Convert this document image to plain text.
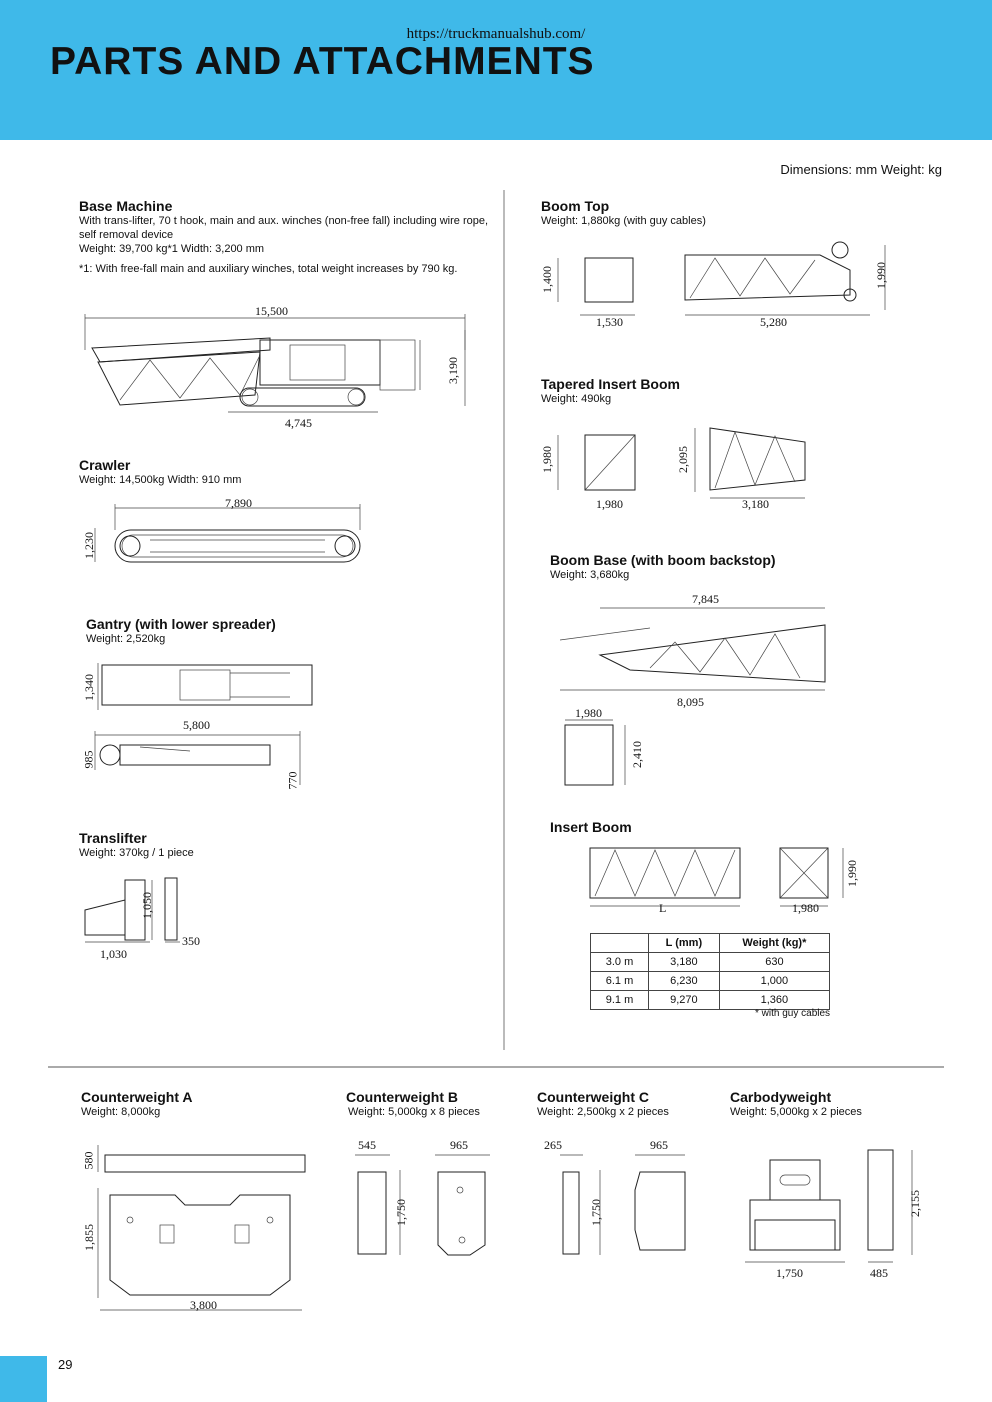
https://truckmanualshub.com/
PARTS AND ATTACHMENTS
Dimensions: mm Weight: kg
Base Machine
With trans-lifter, 70 t hook, main and aux. winches (non-free fall) including wire rope,
self removal device
Weight: 39,700 kg*1 Width: 3,200 mm
*1: With free-fall main and auxiliary winches, total weight increases by 790 kg.
15,500
3,190
4,745
Crawler
Weight: 14,500kg Width: 910 mm
7,890
1,230
Gantry (with lower spreader)
Weight: 2,520kg
1,340
5,800
985
770
Translifter
Weight: 370kg / 1 piece
1,050
1,030
350
Boom Top
Weight: 1,880kg (with guy cables)
1,400
1,530	5,280
1,990
Tapered Insert Boom
Weight: 490kg
1,980
1,980
2,095
3,180
Boom Base (with boom backstop)
Weight: 3,680kg
7,845
8,095
1,980
2,410
Insert Boom
L	1,980
1,990
	L (mm)	Weight (kg)*
3.0 m	3,180	630
6.1 m	6,230	1,000
9.1 m	9,270	1,360
* with guy cables
Counterweight A
Weight: 8,000kg
580
1,855
3,800
Counterweight B
Weight: 5,000kg x 8 pieces
545	965
1,750
Counterweight C
Weight: 2,500kg x 2 pieces
265	965
1,750
Carbodyweight
Weight: 5,000kg x 2 pieces
1,750	485
2,155
29
